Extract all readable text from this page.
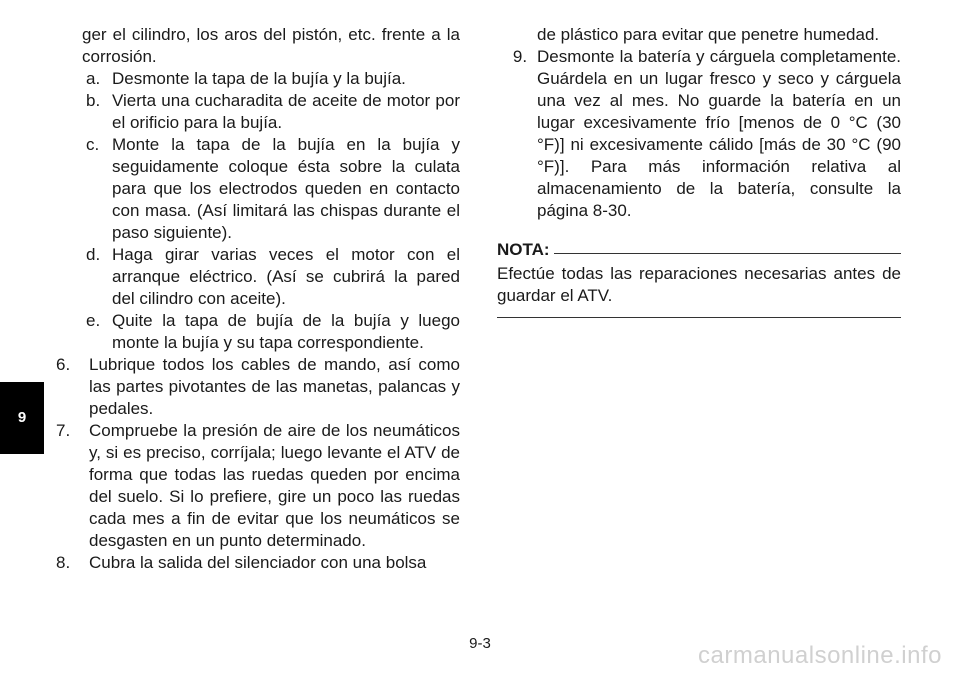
9

ger el cilindro, los aros del pistón, etc. frente a la corrosión.

a. Desmonte la tapa de la bujía y la bujía.
b. Vierta una cucharadita de aceite de motor por el orificio para la bujía.
c. Monte la tapa de la bujía en la bujía y seguidamente coloque ésta sobre la culata para que los electrodos queden en contacto con masa. (Así limitará las chispas durante el paso siguiente).
d. Haga girar varias veces el motor con el arranque eléctrico. (Así se cubrirá la pared del cilindro con aceite).
e. Quite la tapa de bujía de la bujía y luego monte la bujía y su tapa correspondiente.
6.	Lubrique todos los cables de mando, así como las partes pivotantes de las manetas, palancas y pedales.
7.	Compruebe la presión de aire de los neumáticos y, si es preciso, corríjala; luego levante el ATV de forma que todas las ruedas queden por encima del suelo. Si lo prefiere, gire un poco las ruedas cada mes a fin de evitar que los neumáticos se desgasten en un punto determinado.
8.	Cubra la salida del silenciador con una bolsa

de plástico para evitar que penetre humedad.

9. Desmonte la batería y cárguela completamente. Guárdela en un lugar fresco y seco y cárguela una vez al mes. No guarde la batería en un lugar excesivamente frío [menos de 0 °C (30 °F)] ni excesivamente cálido [más de 30 °C (90 °F)]. Para más información relativa al almacenamiento de la batería, consulte la página 8-30.
NOTA:

Efectúe todas las reparaciones necesarias antes de guardar el ATV.

9-3	carmanualsonline.info
